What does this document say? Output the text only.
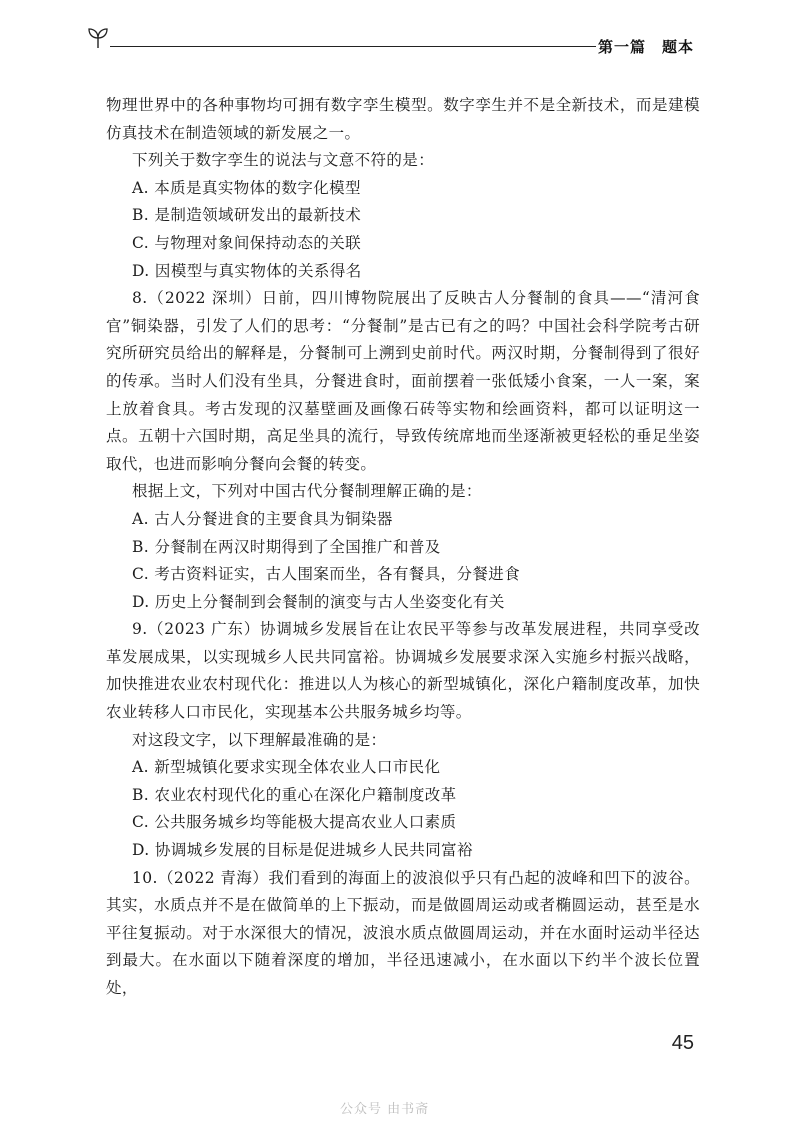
第一篇　题本

物理世界中的各种事物均可拥有数字孪生模型。数字孪生并不是全新技术，而是建模仿真技术在制造领域的新发展之一。

下列关于数字孪生的说法与文意不符的是：

A. 本质是真实物体的数字化模型

B. 是制造领域研发出的最新技术

C. 与物理对象间保持动态的关联

D. 因模型与真实物体的关系得名

8.（2022 深圳）日前，四川博物院展出了反映古人分餐制的食具——“清河食官”铜染器，引发了人们的思考：“分餐制”是古已有之的吗？中国社会科学院考古研究所研究员给出的解释是，分餐制可上溯到史前时代。两汉时期，分餐制得到了很好的传承。当时人们没有坐具，分餐进食时，面前摆着一张低矮小食案，一人一案，案上放着食具。考古发现的汉墓壁画及画像石砖等实物和绘画资料，都可以证明这一点。五朝十六国时期，高足坐具的流行，导致传统席地而坐逐渐被更轻松的垂足坐姿取代，也进而影响分餐向会餐的转变。

根据上文，下列对中国古代分餐制理解正确的是：

A. 古人分餐进食的主要食具为铜染器

B. 分餐制在两汉时期得到了全国推广和普及

C. 考古资料证实，古人围案而坐，各有餐具，分餐进食

D. 历史上分餐制到会餐制的演变与古人坐姿变化有关

9.（2023 广东）协调城乡发展旨在让农民平等参与改革发展进程，共同享受改革发展成果，以实现城乡人民共同富裕。协调城乡发展要求深入实施乡村振兴战略，加快推进农业农村现代化：推进以人为核心的新型城镇化，深化户籍制度改革，加快农业转移人口市民化，实现基本公共服务城乡均等。

对这段文字，以下理解最准确的是：

A. 新型城镇化要求实现全体农业人口市民化

B. 农业农村现代化的重心在深化户籍制度改革

C. 公共服务城乡均等能极大提高农业人口素质

D. 协调城乡发展的目标是促进城乡人民共同富裕

10.（2022 青海）我们看到的海面上的波浪似乎只有凸起的波峰和凹下的波谷。其实，水质点并不是在做简单的上下振动，而是做圆周运动或者椭圆运动，甚至是水平往复振动。对于水深很大的情况，波浪水质点做圆周运动，并在水面时运动半径达到最大。在水面以下随着深度的增加，半径迅速减小，在水面以下约半个波长位置处，

45
公众号 由书斋
